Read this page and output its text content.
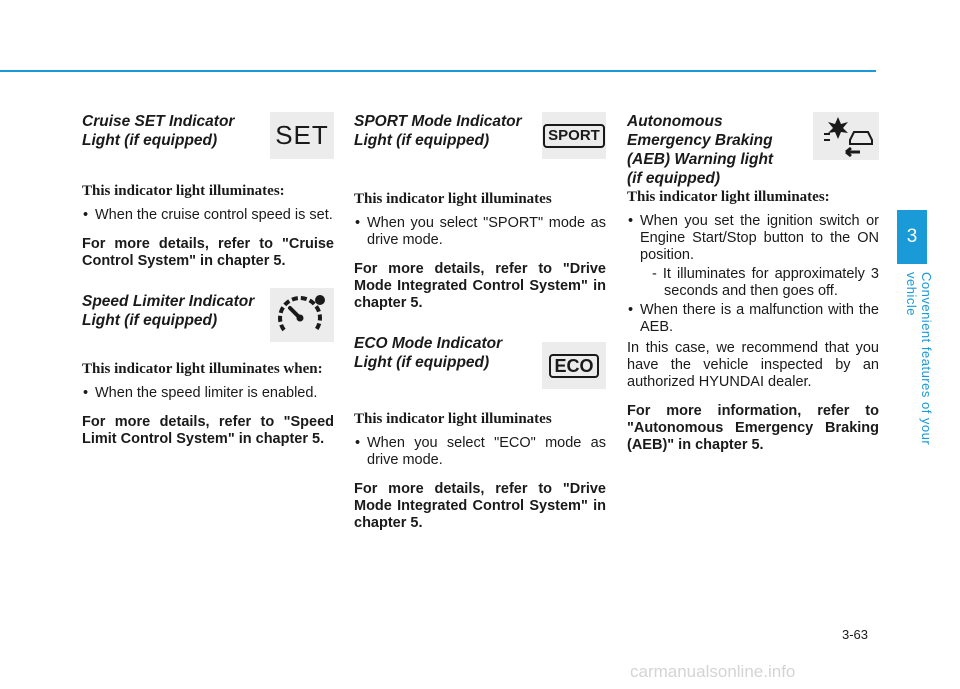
Cruise SET Indicator
Light (if equipped)	SET

This indicator light illuminates:

• When the cruise control speed is set.

For more details, refer to "Cruise Control System" in chapter 5.

Speed Limiter Indicator
Light (if equipped)

This indicator light illuminates when:

• When the speed limiter is enabled.

For more details, refer to "Speed Limit Control System" in chapter 5.

SPORT Mode Indicator
Light (if equipped)	SPORT

This indicator light illuminates

• When you select "SPORT" mode as drive mode.

For more details, refer to "Drive Mode Integrated Control System" in chapter 5.

ECO Mode Indicator
Light (if equipped)	ECO

This indicator light illuminates

• When you select "ECO" mode as drive mode.

For more details, refer to "Drive Mode Integrated Control System" in chapter 5.

Autonomous
Emergency Braking
(AEB) Warning light
(if equipped)

This indicator light illuminates:

• When you set the ignition switch or Engine Start/Stop button to the ON position.
- It illuminates for approximately 3 seconds and then goes off.
• When there is a malfunction with the AEB.

In this case, we recommend that you have the vehicle inspected by an authorized HYUNDAI dealer.

For more information, refer to "Autonomous Emergency Braking (AEB)" in chapter 5.

3
Convenient features of your vehicle
3-63
carmanualsonline.info
